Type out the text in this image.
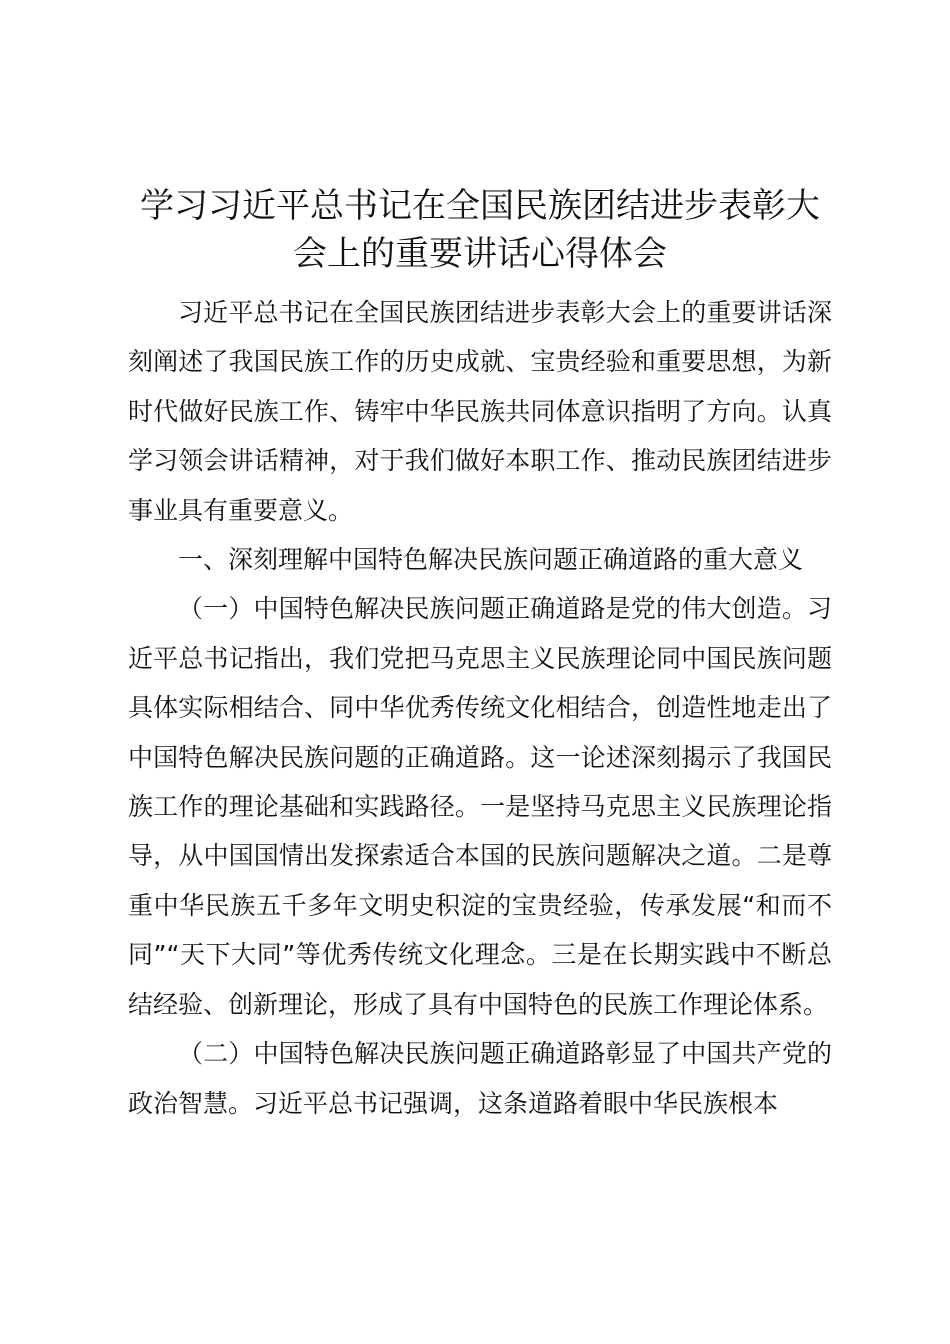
学习习近平总书记在全国民族团结进步表彰大会上的重要讲话心得体会

习近平总书记在全国民族团结进步表彰大会上的重要讲话深刻阐述了我国民族工作的历史成就、宝贵经验和重要思想，为新时代做好民族工作、铸牢中华民族共同体意识指明了方向。认真学习领会讲话精神，对于我们做好本职工作、推动民族团结进步事业具有重要意义。

一、深刻理解中国特色解决民族问题正确道路的重大意义

（一）中国特色解决民族问题正确道路是党的伟大创造。习近平总书记指出，我们党把马克思主义民族理论同中国民族问题具体实际相结合、同中华优秀传统文化相结合，创造性地走出了中国特色解决民族问题的正确道路。这一论述深刻揭示了我国民族工作的理论基础和实践路径。一是坚持马克思主义民族理论指导，从中国国情出发探索适合本国的民族问题解决之道。二是尊重中华民族五千多年文明史积淀的宝贵经验，传承发展“和而不同”“天下大同”等优秀传统文化理念。三是在长期实践中不断总结经验、创新理论，形成了具有中国特色的民族工作理论体系。

（二）中国特色解决民族问题正确道路彰显了中国共产党的政治智慧。习近平总书记强调，这条道路着眼中华民族根本
